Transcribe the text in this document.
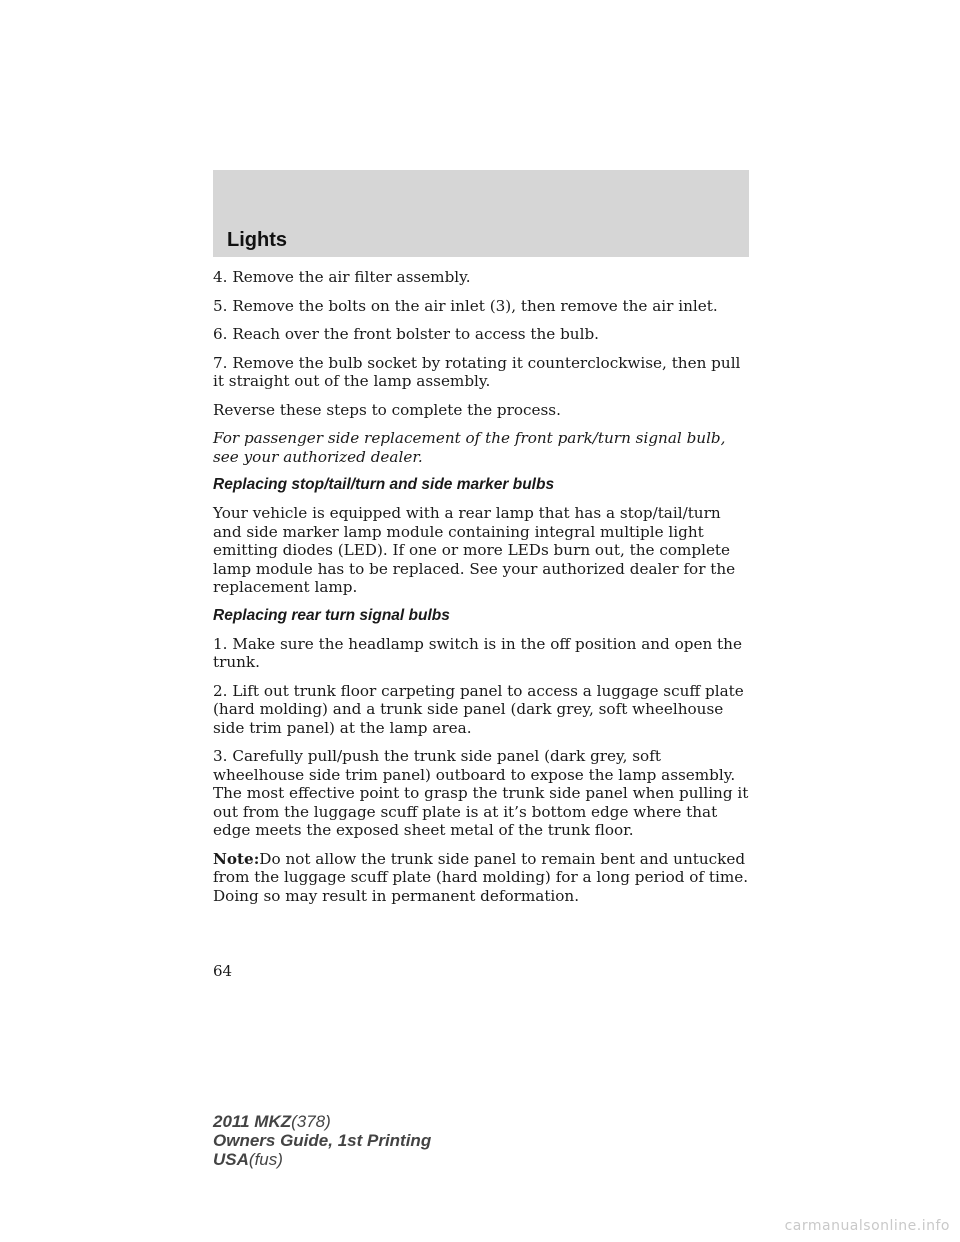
Lights

4. Remove the air filter assembly.

5. Remove the bolts on the air inlet (3), then remove the air inlet.

6. Reach over the front bolster to access the bulb.

7. Remove the bulb socket by rotating it counterclockwise, then pull it straight out of the lamp assembly.

Reverse these steps to complete the process.

For passenger side replacement of the front park/turn signal bulb, see your authorized dealer.

Replacing stop/tail/turn and side marker bulbs

Your vehicle is equipped with a rear lamp that has a stop/tail/turn and side marker lamp module containing integral multiple light emitting diodes (LED). If one or more LEDs burn out, the complete lamp module has to be replaced. See your authorized dealer for the replacement lamp.

Replacing rear turn signal bulbs

1. Make sure the headlamp switch is in the off position and open the trunk.

2. Lift out trunk floor carpeting panel to access a luggage scuff plate (hard molding) and a trunk side panel (dark grey, soft wheelhouse side trim panel) at the lamp area.

3. Carefully pull/push the trunk side panel (dark grey, soft wheelhouse side trim panel) outboard to expose the lamp assembly. The most effective point to grasp the trunk side panel when pulling it out from the luggage scuff plate is at it’s bottom edge where that edge meets the exposed sheet metal of the trunk floor.

Note:Do not allow the trunk side panel to remain bent and untucked from the luggage scuff plate (hard molding) for a long period of time. Doing so may result in permanent deformation.

64
2011 MKZ(378)
Owners Guide, 1st Printing
USA(fus)
carmanualsonline.info
